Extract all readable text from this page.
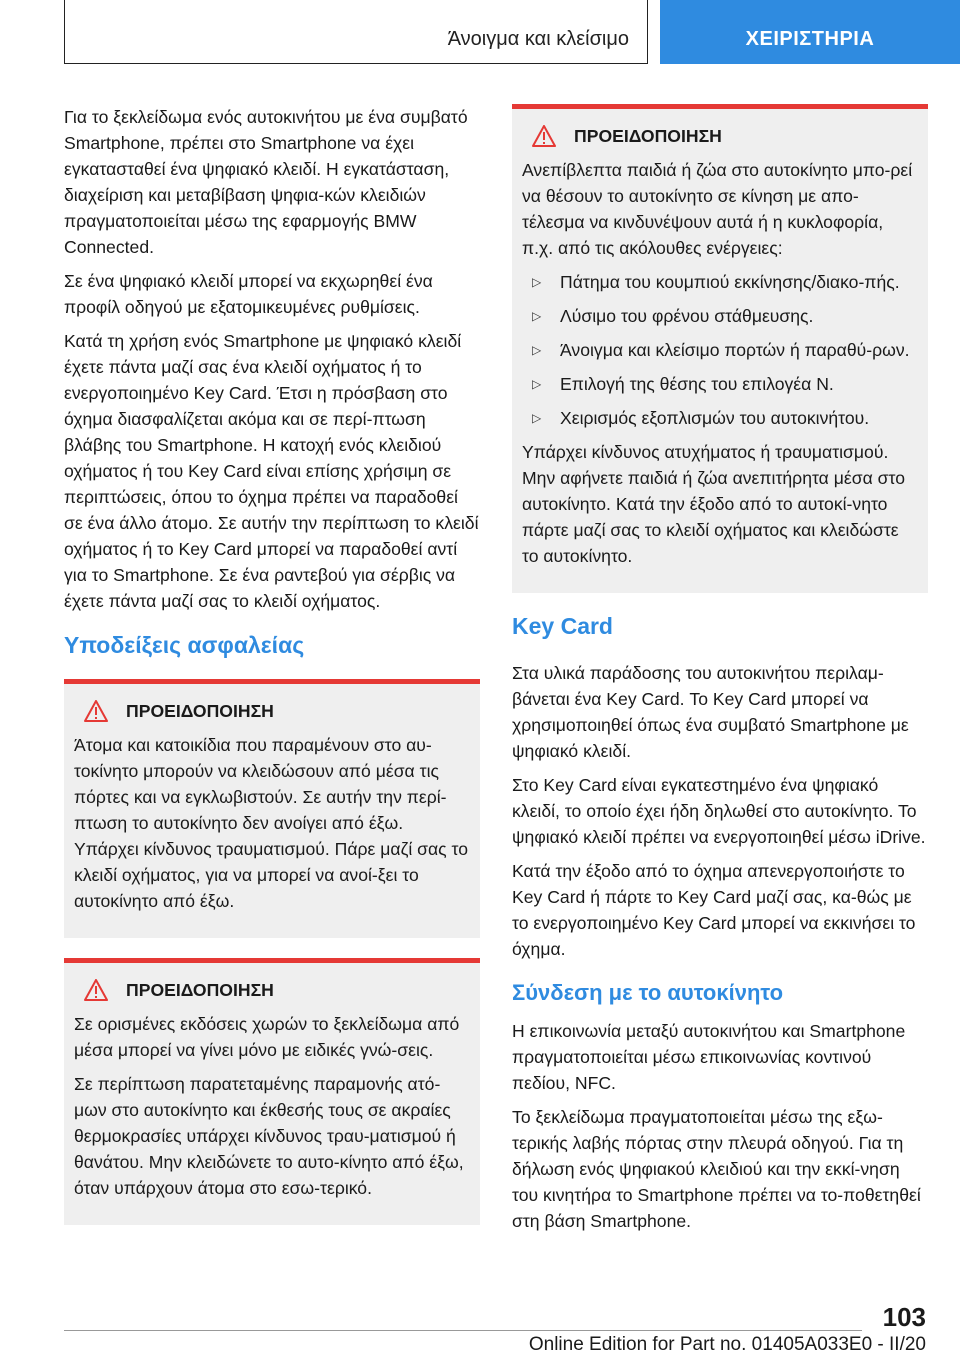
Άνοιγμα και κλείσιμο	ΧΕΙΡΙΣΤΗΡΙΑ

Για το ξεκλείδωμα ενός αυτοκινήτου με ένα συμβατό Smartphone, πρέπει στο Smartphone να έχει εγκατασταθεί ένα ψηφιακό κλειδί. Η εγκατάσταση, διαχείριση και μεταβίβαση ψηφια-κών κλειδιών πραγματοποιείται μέσω της εφαρμογής BMW Connected.

Σε ένα ψηφιακό κλειδί μπορεί να εκχωρηθεί ένα προφίλ οδηγού με εξατομικευμένες ρυθμίσεις.

Κατά τη χρήση ενός Smartphone με ψηφιακό κλειδί έχετε πάντα μαζί σας ένα κλειδί οχήματος ή το ενεργοποιημένο Key Card. Έτσι η πρόσβαση στο όχημα διασφαλίζεται ακόμα και σε περί-πτωση βλάβης του Smartphone. Η κατοχή ενός κλειδιού οχήματος ή του Key Card είναι επίσης χρήσιμη σε περιπτώσεις, όπου το όχημα πρέπει να παραδοθεί σε ένα άλλο άτομο. Σε αυτήν την περίπτωση το κλειδί οχήματος ή το Key Card μπορεί να παραδοθεί αντί για το Smartphone. Σε ένα ραντεβού για σέρβις να έχετε πάντα μαζί σας το κλειδί οχήματος.

Υποδείξεις ασφαλείας
ΠΡΟΕΙΔΟΠΟΙΗΣΗ

Άτομα και κατοικίδια που παραμένουν στο αυ-τοκίνητο μπορούν να κλειδώσουν από μέσα τις πόρτες και να εγκλωβιστούν. Σε αυτήν την περί-πτωση το αυτοκίνητο δεν ανοίγει από έξω. Υπάρχει κίνδυνος τραυματισμού. Πάρε μαζί σας το κλειδί οχήματος, για να μπορεί να ανοί-ξει το αυτοκίνητο από έξω.

ΠΡΟΕΙΔΟΠΟΙΗΣΗ

Σε ορισμένες εκδόσεις χωρών το ξεκλείδωμα από μέσα μπορεί να γίνει μόνο με ειδικές γνώ-σεις.

Σε περίπτωση παρατεταμένης παραμονής ατό-μων στο αυτοκίνητο και έκθεσής τους σε ακραίες θερμοκρασίες υπάρχει κίνδυνος τραυ-ματισμού ή θανάτου. Μην κλειδώνετε το αυτο-κίνητο από έξω, όταν υπάρχουν άτομα στο εσω-τερικό.

ΠΡΟΕΙΔΟΠΟΙΗΣΗ

Ανεπίβλεπτα παιδιά ή ζώα στο αυτοκίνητο μπο-ρεί να θέσουν το αυτοκίνητο σε κίνηση με απο-τέλεσμα να κινδυνέψουν αυτά ή η κυκλοφορία, π.χ. από τις ακόλουθες ενέργειες:

▷	Πάτημα του κουμπιού εκκίνησης/διακο-πής.
▷	Λύσιμο του φρένου στάθμευσης.
▷	Άνοιγμα και κλείσιμο πορτών ή παραθύ-ρων.
▷	Επιλογή της θέσης του επιλογέα N.
▷	Χειρισμός εξοπλισμών του αυτοκινήτου.

Υπάρχει κίνδυνος ατυχήματος ή τραυματισμού. Μην αφήνετε παιδιά ή ζώα ανεπιτήρητα μέσα στο αυτοκίνητο. Κατά την έξοδο από το αυτοκί-νητο πάρτε μαζί σας το κλειδί οχήματος και κλειδώστε το αυτοκίνητο.

Key Card

Στα υλικά παράδοσης του αυτοκινήτου περιλαμ-βάνεται ένα Key Card. Το Key Card μπορεί να χρησιμοποιηθεί όπως ένα συμβατό Smartphone με ψηφιακό κλειδί.

Στο Key Card είναι εγκατεστημένο ένα ψηφιακό κλειδί, το οποίο έχει ήδη δηλωθεί στο αυτοκίνητο. Το ψηφιακό κλειδί πρέπει να ενεργοποιηθεί μέσω iDrive.

Κατά την έξοδο από το όχημα απενεργοποιήστε το Key Card ή πάρτε το Key Card μαζί σας, κα-θώς με το ενεργοποιημένο Key Card μπορεί να εκκινήσει το όχημα.

Σύνδεση με το αυτοκίνητο

Η επικοινωνία μεταξύ αυτοκινήτου και Smartphone πραγματοποιείται μέσω επικοινωνίας κοντινού πεδίου, NFC.

Το ξεκλείδωμα πραγματοποιείται μέσω της εξω-τερικής λαβής πόρτας στην πλευρά οδηγού. Για τη δήλωση ενός ψηφιακού κλειδιού και την εκκί-νηση του κινητήρα το Smartphone πρέπει να το-ποθετηθεί στη βάση Smartphone.

103
Online Edition for Part no. 01405A033E0 - II/20
